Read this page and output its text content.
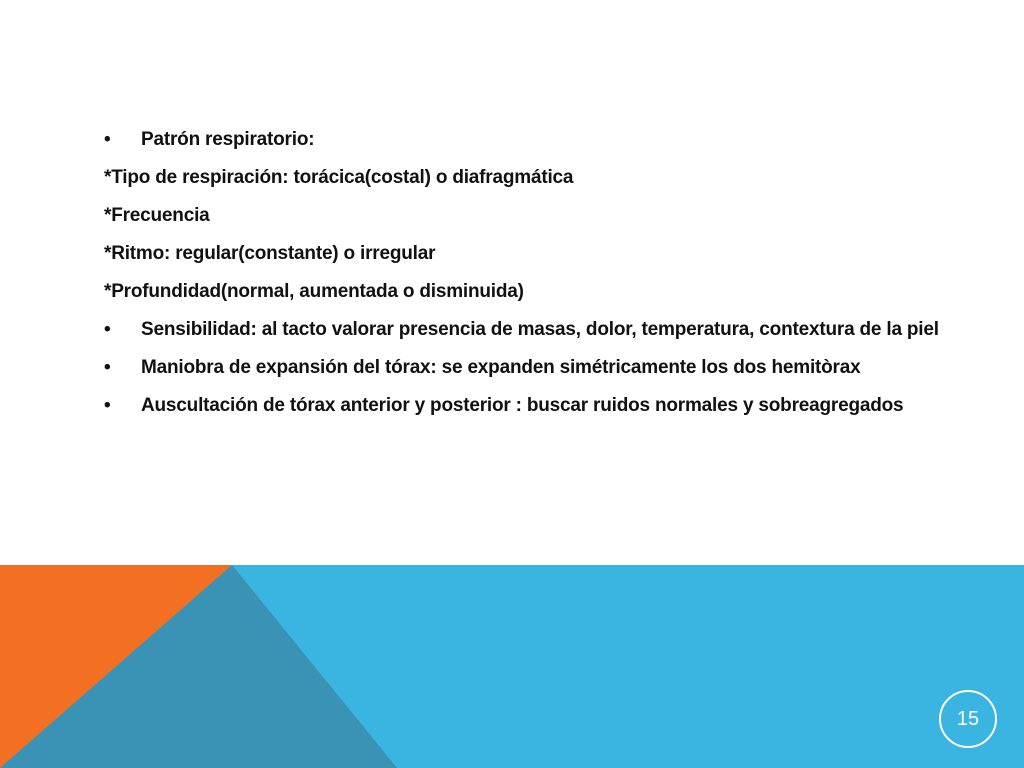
• Patrón respiratorio:
*Tipo de respiración: torácica(costal) o diafragmática
*Frecuencia
*Ritmo: regular(constante) o irregular
*Profundidad(normal, aumentada o disminuida)
• Sensibilidad: al tacto valorar presencia de masas, dolor, temperatura, contextura de la piel
• Maniobra de expansión del tórax: se expanden simétricamente los dos hemitòrax
• Auscultación de tórax anterior y posterior : buscar ruidos normales y sobreagregados
15
